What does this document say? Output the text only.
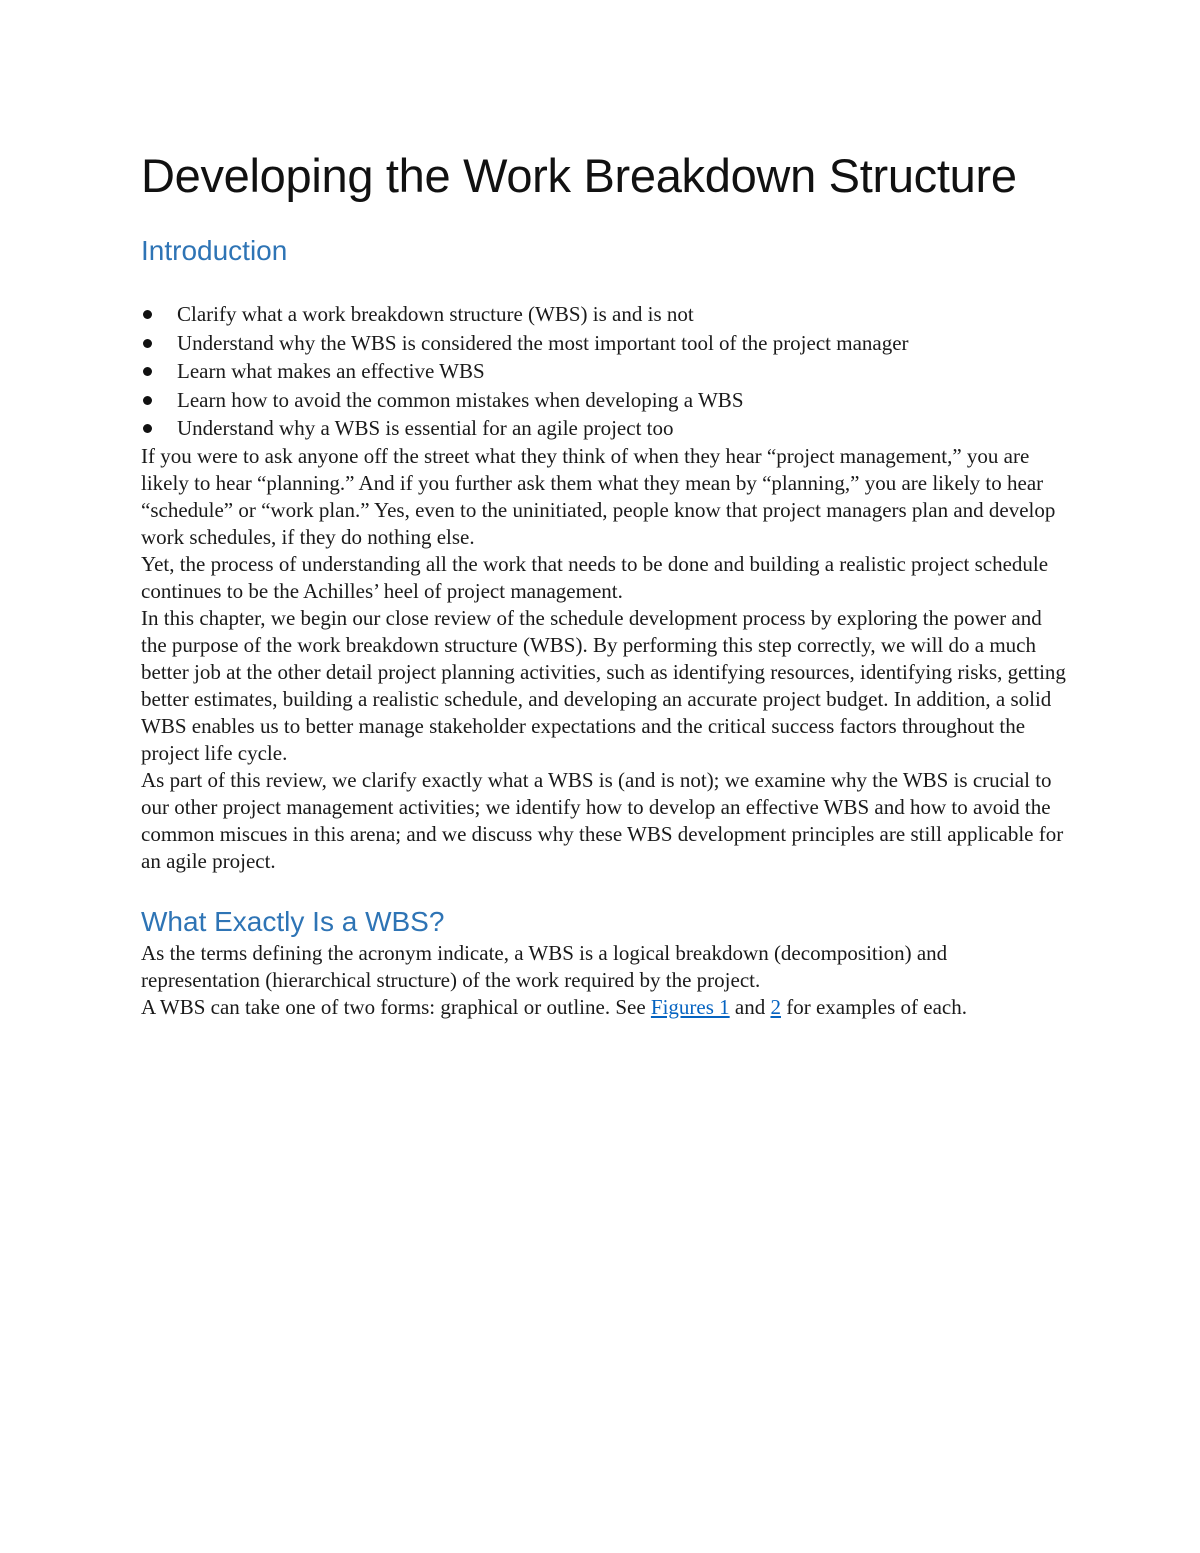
Developing the Work Breakdown Structure
Introduction
Clarify what a work breakdown structure (WBS) is and is not
Understand why the WBS is considered the most important tool of the project manager
Learn what makes an effective WBS
Learn how to avoid the common mistakes when developing a WBS
Understand why a WBS is essential for an agile project too

If you were to ask anyone off the street what they think of when they hear “project management,” you are likely to hear “planning.” And if you further ask them what they mean by “planning,” you are likely to hear “schedule” or “work plan.” Yes, even to the uninitiated, people know that project managers plan and develop work schedules, if they do nothing else.

Yet, the process of understanding all the work that needs to be done and building a realistic project schedule continues to be the Achilles’ heel of project management.

In this chapter, we begin our close review of the schedule development process by exploring the power and the purpose of the work breakdown structure (WBS). By performing this step correctly, we will do a much better job at the other detail project planning activities, such as identifying resources, identifying risks, getting better estimates, building a realistic schedule, and developing an accurate project budget. In addition, a solid WBS enables us to better manage stakeholder expectations and the critical success factors throughout the project life cycle.

As part of this review, we clarify exactly what a WBS is (and is not); we examine why the WBS is crucial to our other project management activities; we identify how to develop an effective WBS and how to avoid the common miscues in this arena; and we discuss why these WBS development principles are still applicable for an agile project.

What Exactly Is a WBS?

As the terms defining the acronym indicate, a WBS is a logical breakdown (decomposition) and representation (hierarchical structure) of the work required by the project.

A WBS can take one of two forms: graphical or outline. See Figures 1 and 2 for examples of each.
